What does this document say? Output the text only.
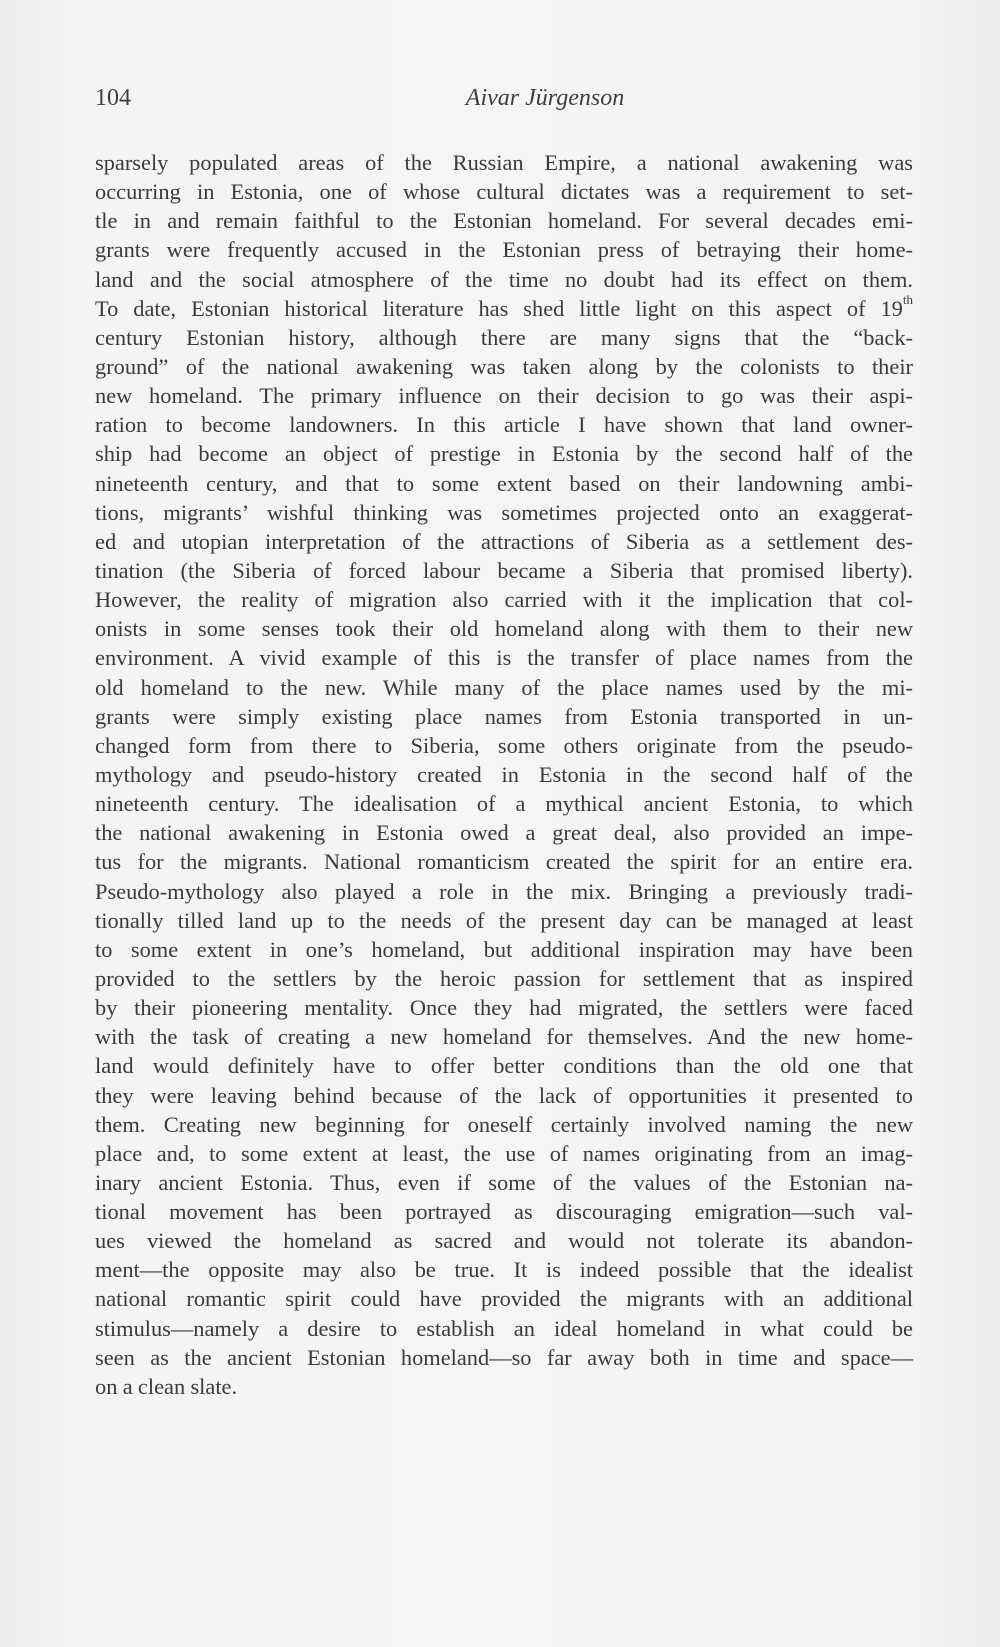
104	Aivar Jürgenson
sparsely populated areas of the Russian Empire, a national awakening was
occurring in Estonia, one of whose cultural dictates was a requirement to set-
tle in and remain faithful to the Estonian homeland. For several decades emi-
grants were frequently accused in the Estonian press of betraying their home-
land and the social atmosphere of the time no doubt had its effect on them.
To date, Estonian historical literature has shed little light on this aspect of 19th
century Estonian history, although there are many signs that the “back-
ground” of the national awakening was taken along by the colonists to their
new homeland. The primary influence on their decision to go was their aspi-
ration to become landowners. In this article I have shown that land owner-
ship had become an object of prestige in Estonia by the second half of the
nineteenth century, and that to some extent based on their landowning ambi-
tions, migrants’ wishful thinking was sometimes projected onto an exaggerat-
ed and utopian interpretation of the attractions of Siberia as a settlement des-
tination (the Siberia of forced labour became a Siberia that promised liberty).
However, the reality of migration also carried with it the implication that col-
onists in some senses took their old homeland along with them to their new
environment. A vivid example of this is the transfer of place names from the
old homeland to the new. While many of the place names used by the mi-
grants were simply existing place names from Estonia transported in un-
changed form from there to Siberia, some others originate from the pseudo-
mythology and pseudo-history created in Estonia in the second half of the
nineteenth century. The idealisation of a mythical ancient Estonia, to which
the national awakening in Estonia owed a great deal, also provided an impe-
tus for the migrants. National romanticism created the spirit for an entire era.
Pseudo-mythology also played a role in the mix. Bringing a previously tradi-
tionally tilled land up to the needs of the present day can be managed at least
to some extent in one’s homeland, but additional inspiration may have been
provided to the settlers by the heroic passion for settlement that as inspired
by their pioneering mentality. Once they had migrated, the settlers were faced
with the task of creating a new homeland for themselves. And the new home-
land would definitely have to offer better conditions than the old one that
they were leaving behind because of the lack of opportunities it presented to
them. Creating new beginning for oneself certainly involved naming the new
place and, to some extent at least, the use of names originating from an imag-
inary ancient Estonia. Thus, even if some of the values of the Estonian na-
tional movement has been portrayed as discouraging emigration—such val-
ues viewed the homeland as sacred and would not tolerate its abandon-
ment—the opposite may also be true. It is indeed possible that the idealist
national romantic spirit could have provided the migrants with an additional
stimulus—namely a desire to establish an ideal homeland in what could be
seen as the ancient Estonian homeland—so far away both in time and space—
on a clean slate.
